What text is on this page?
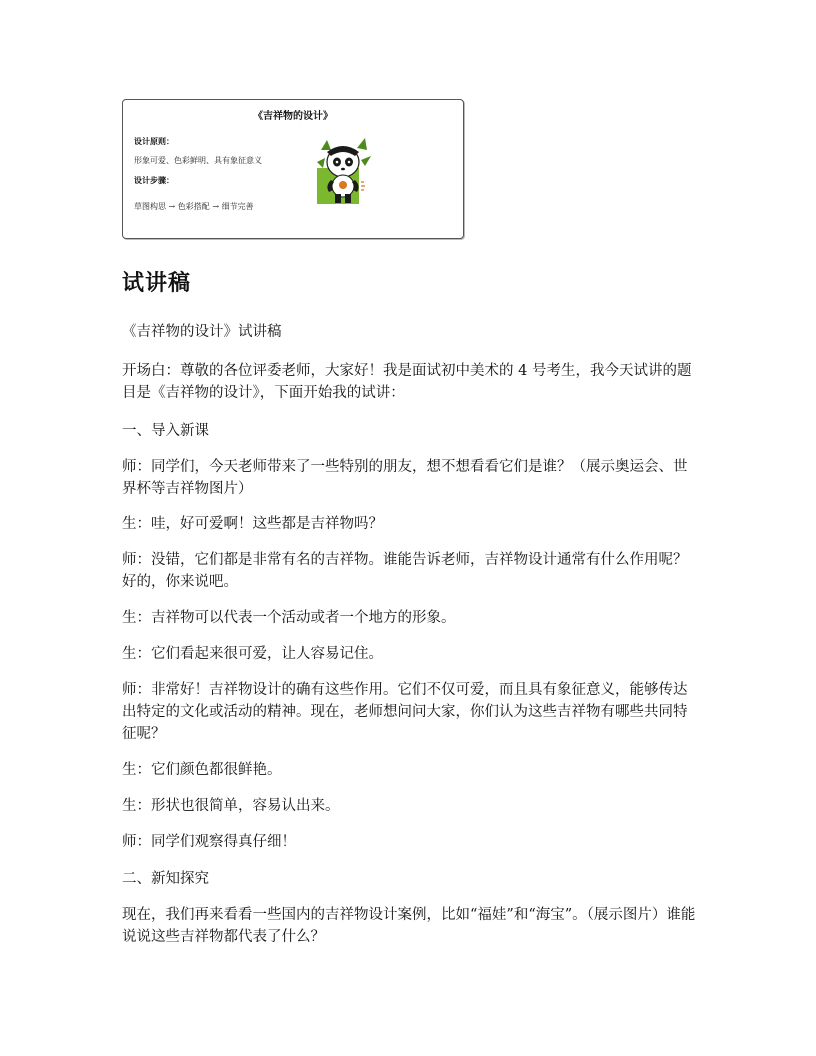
《吉祥物的设计》
设计原则：
形象可爱、色彩鲜明、具有象征意义
设计步骤：
草图构思 → 色彩搭配 → 细节完善
试讲稿

《吉祥物的设计》试讲稿

开场白：尊敬的各位评委老师，大家好！我是面试初中美术的 4 号考生，我今天试讲的题目是《吉祥物的设计》，下面开始我的试讲：

一、导入新课

师：同学们，今天老师带来了一些特别的朋友，想不想看看它们是谁？（展示奥运会、世界杯等吉祥物图片）

生：哇，好可爱啊！这些都是吉祥物吗？

师：没错，它们都是非常有名的吉祥物。谁能告诉老师，吉祥物设计通常有什么作用呢？好的，你来说吧。

生：吉祥物可以代表一个活动或者一个地方的形象。

生：它们看起来很可爱，让人容易记住。

师：非常好！吉祥物设计的确有这些作用。它们不仅可爱，而且具有象征意义，能够传达出特定的文化或活动的精神。现在，老师想问问大家，你们认为这些吉祥物有哪些共同特征呢？

生：它们颜色都很鲜艳。

生：形状也很简单，容易认出来。

师：同学们观察得真仔细！

二、新知探究

现在，我们再来看看一些国内的吉祥物设计案例，比如“福娃”和“海宝”。（展示图片）谁能说说这些吉祥物都代表了什么？
